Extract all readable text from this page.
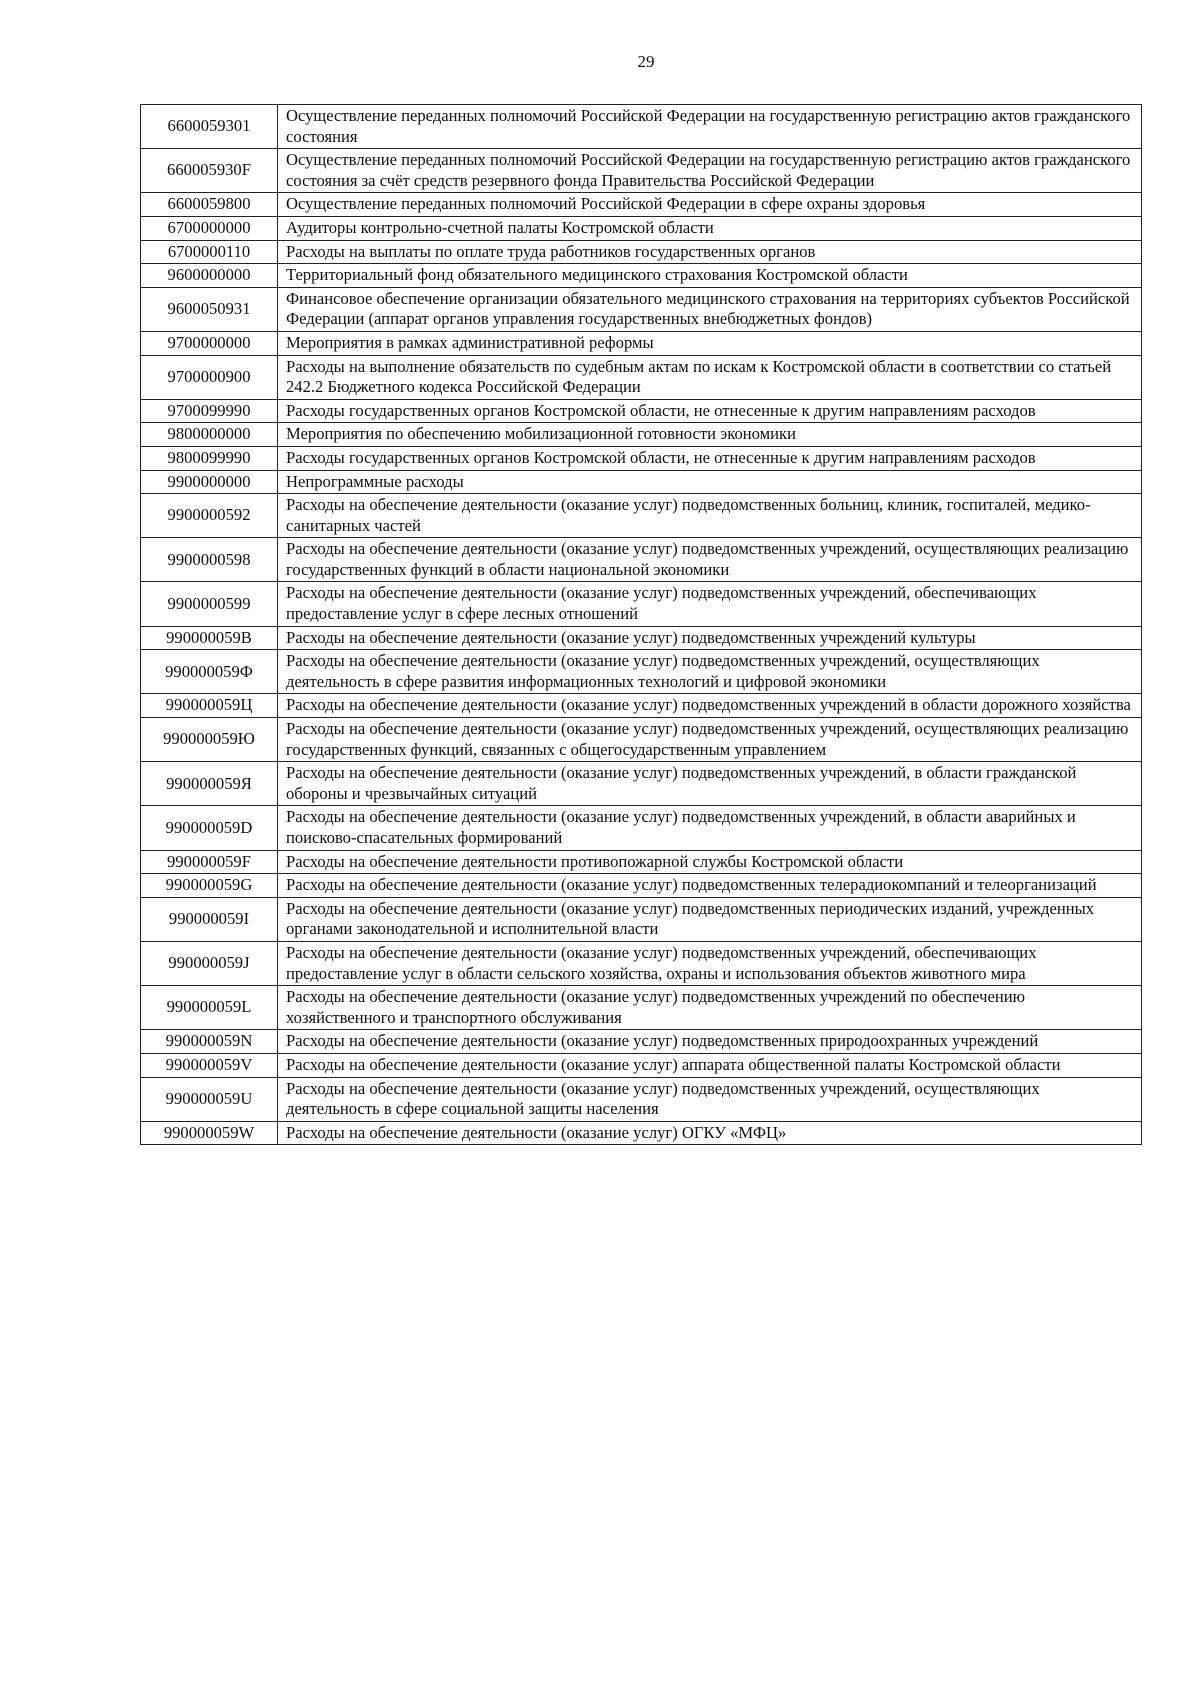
29
6600059301	Осуществление переданных полномочий Российской Федерации на государственную регистрацию актов гражданского состояния
660005930F	Осуществление переданных полномочий Российской Федерации на государственную регистрацию актов гражданского состояния за счёт средств резервного фонда Правительства Российской Федерации
6600059800	Осуществление переданных полномочий Российской Федерации в сфере охраны здоровья
6700000000	Аудиторы контрольно-счетной палаты Костромской области
6700000110	Расходы на выплаты по оплате труда работников государственных органов
9600000000	Территориальный фонд обязательного медицинского страхования Костромской области
9600050931	Финансовое обеспечение организации обязательного медицинского страхования на территориях субъектов Российской Федерации (аппарат органов управления государственных внебюджетных фондов)
9700000000	Мероприятия в рамках административной реформы
9700000900	Расходы на выполнение обязательств по судебным актам по искам к Костромской области в соответствии со статьей 242.2 Бюджетного кодекса Российской Федерации
9700099990	Расходы государственных органов Костромской области, не отнесенные к другим направлениям расходов
9800000000	Мероприятия по обеспечению мобилизационной готовности экономики
9800099990	Расходы государственных органов Костромской области, не отнесенные к другим направлениям расходов
9900000000	Непрограммные расходы
9900000592	Расходы на обеспечение деятельности (оказание услуг) подведомственных больниц, клиник, госпиталей, медико-санитарных частей
9900000598	Расходы на обеспечение деятельности (оказание услуг) подведомственных учреждений, осуществляющих реализацию государственных функций в области национальной экономики
9900000599	Расходы на обеспечение деятельности (оказание услуг) подведомственных учреждений, обеспечивающих предоставление услуг в сфере лесных отношений
990000059В	Расходы на обеспечение деятельности (оказание услуг) подведомственных учреждений культуры
990000059Ф	Расходы на обеспечение деятельности (оказание услуг) подведомственных учреждений, осуществляющих деятельность в сфере развития информационных технологий и цифровой экономики
990000059Ц	Расходы на обеспечение деятельности (оказание услуг) подведомственных учреждений в области дорожного хозяйства
990000059Ю	Расходы на обеспечение деятельности (оказание услуг) подведомственных учреждений, осуществляющих реализацию государственных функций, связанных с общегосударственным управлением
990000059Я	Расходы на обеспечение деятельности (оказание услуг) подведомственных учреждений, в области гражданской обороны и чрезвычайных ситуаций
990000059D	Расходы на обеспечение деятельности (оказание услуг) подведомственных учреждений, в области аварийных и поисково-спасательных формирований
990000059F	Расходы на обеспечение деятельности противопожарной службы Костромской области
990000059G	Расходы на обеспечение деятельности (оказание услуг) подведомственных телерадиокомпаний и телеорганизаций
990000059I	Расходы на обеспечение деятельности (оказание услуг) подведомственных периодических изданий, учрежденных органами законодательной и исполнительной власти
990000059J	Расходы на обеспечение деятельности (оказание услуг) подведомственных учреждений, обеспечивающих предоставление услуг в области сельского хозяйства, охраны и использования объектов животного мира
990000059L	Расходы на обеспечение деятельности (оказание услуг) подведомственных учреждений по обеспечению хозяйственного и транспортного обслуживания
990000059N	Расходы на обеспечение деятельности (оказание услуг) подведомственных природоохранных учреждений
990000059V	Расходы на обеспечение деятельности (оказание услуг) аппарата общественной палаты Костромской области
990000059U	Расходы на обеспечение деятельности (оказание услуг) подведомственных учреждений, осуществляющих деятельность в сфере социальной защиты населения
990000059W	Расходы на обеспечение деятельности (оказание услуг) ОГКУ «МФЦ»
